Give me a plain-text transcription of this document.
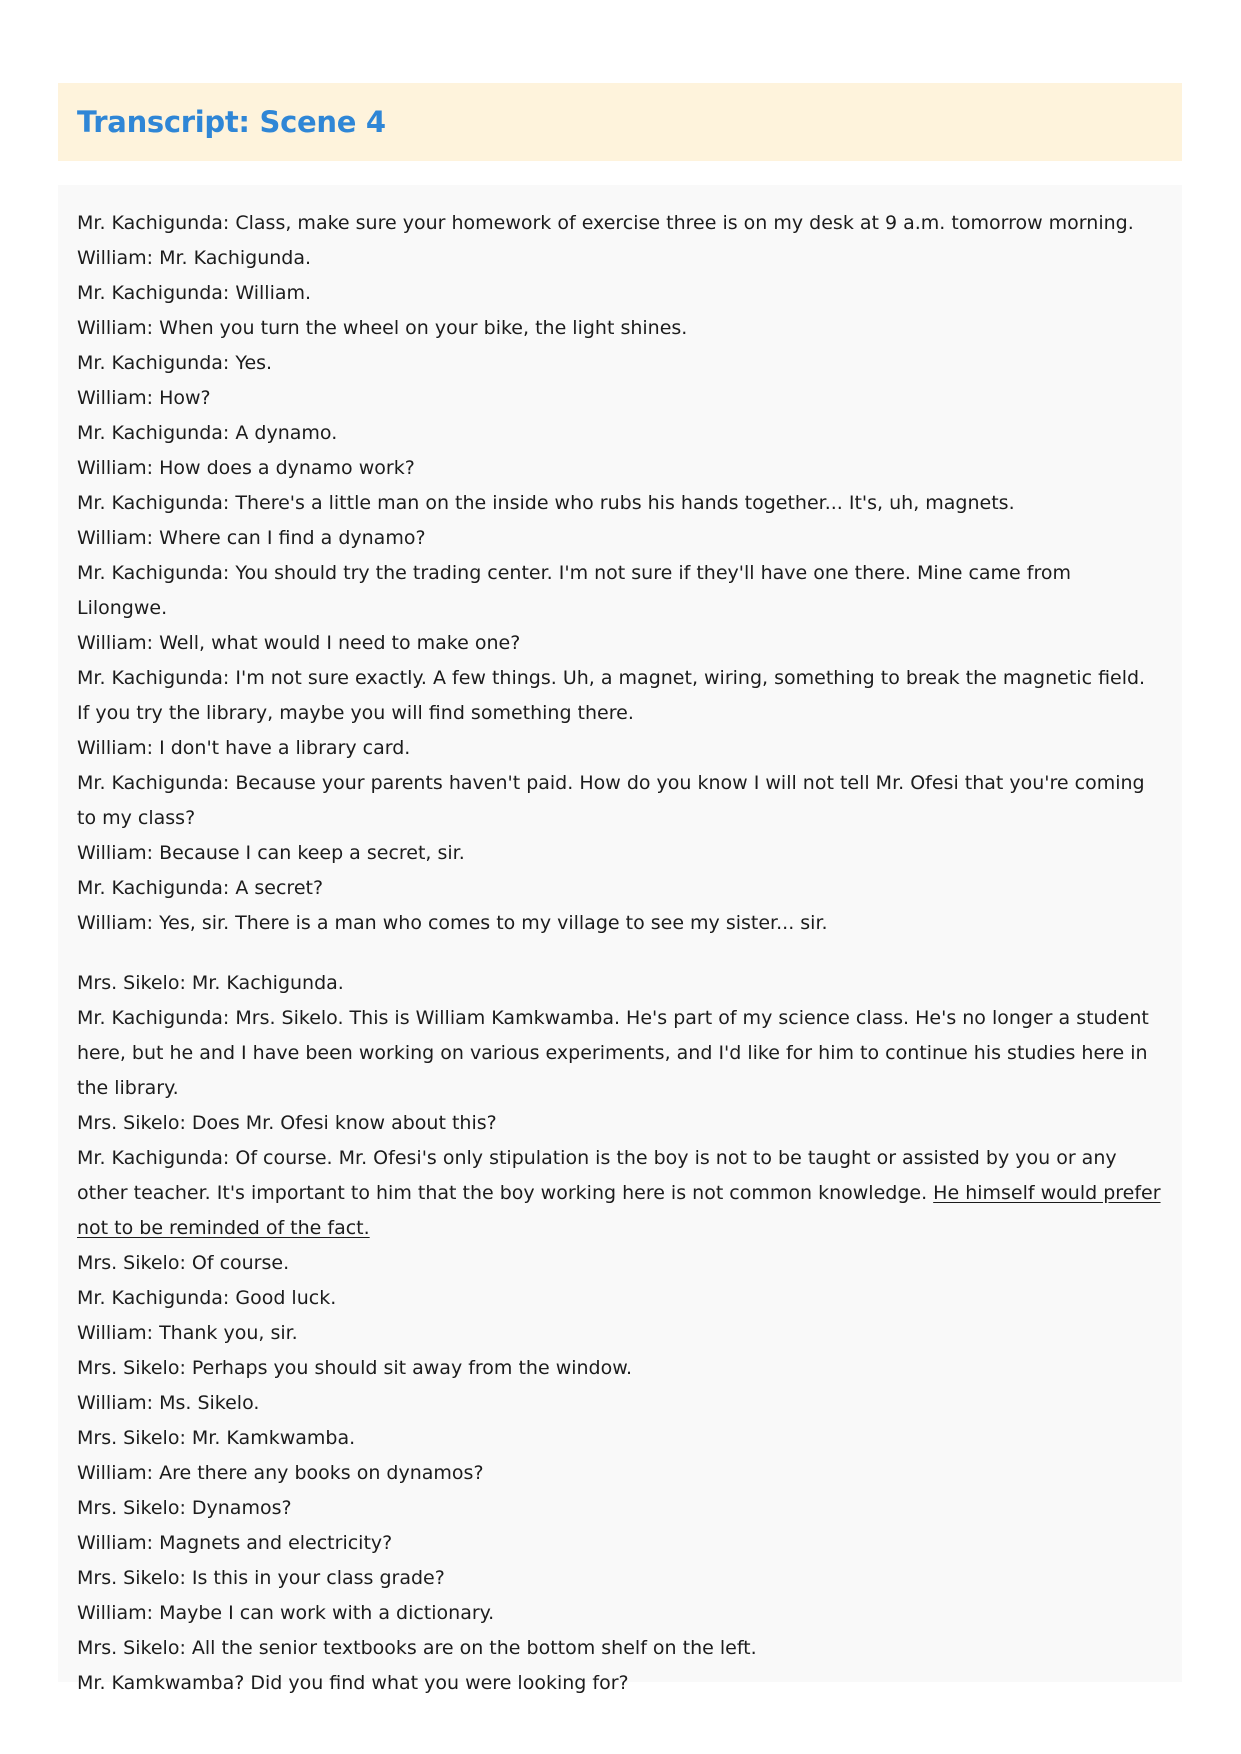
Transcript: Scene 4

Mr. Kachigunda: Class, make sure your homework of exercise three is on my desk at 9 a.m. tomorrow morning.

William: Mr. Kachigunda.

Mr. Kachigunda: William.

William: When you turn the wheel on your bike, the light shines.

Mr. Kachigunda: Yes.

William: How?

Mr. Kachigunda: A dynamo.

William: How does a dynamo work?

Mr. Kachigunda: There's a little man on the inside who rubs his hands together... It's, uh, magnets.

William: Where can I find a dynamo?

Mr. Kachigunda: You should try the trading center. I'm not sure if they'll have one there. Mine came from Lilongwe.

William: Well, what would I need to make one?

Mr. Kachigunda: I'm not sure exactly. A few things. Uh, a magnet, wiring, something to break the magnetic field. If you try the library, maybe you will find something there.

William: I don't have a library card.

Mr. Kachigunda: Because your parents haven't paid. How do you know I will not tell Mr. Ofesi that you're coming to my class?

William: Because I can keep a secret, sir.

Mr. Kachigunda: A secret?

William: Yes, sir. There is a man who comes to my village to see my sister... sir.

Mrs. Sikelo: Mr. Kachigunda.

Mr. Kachigunda: Mrs. Sikelo. This is William Kamkwamba. He's part of my science class. He's no longer a student here, but he and I have been working on various experiments, and I'd like for him to continue his studies here in the library.

Mrs. Sikelo: Does Mr. Ofesi know about this?

Mr. Kachigunda: Of course. Mr. Ofesi's only stipulation is the boy is not to be taught or assisted by you or any other teacher. It's important to him that the boy working here is not common knowledge. He himself would prefer not to be reminded of the fact.

Mrs. Sikelo: Of course.

Mr. Kachigunda: Good luck.

William: Thank you, sir.

Mrs. Sikelo: Perhaps you should sit away from the window.

William: Ms. Sikelo.

Mrs. Sikelo: Mr. Kamkwamba.

William: Are there any books on dynamos?

Mrs. Sikelo: Dynamos?

William: Magnets and electricity?

Mrs. Sikelo: Is this in your class grade?

William: Maybe I can work with a dictionary.

Mrs. Sikelo: All the senior textbooks are on the bottom shelf on the left.

Mr. Kamkwamba? Did you find what you were looking for?
